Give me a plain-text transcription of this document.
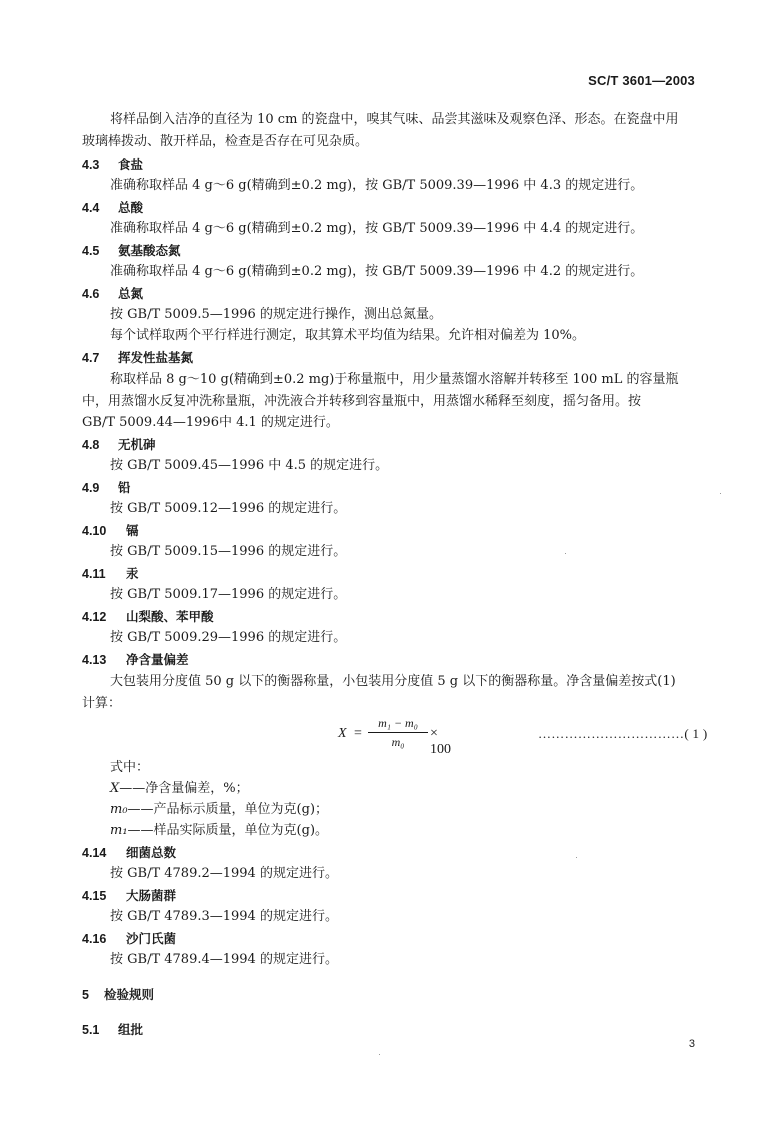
SC/T 3601—2003
将样品倒入洁净的直径为 10 cm 的瓷盘中，嗅其气味、品尝其滋味及观察色泽、形态。在瓷盘中用
玻璃棒拨动、散开样品，检查是否存在可见杂质。
4.3 食盐
准确称取样品 4 g～6 g(精确到±0.2 mg)，按 GB/T 5009.39—1996 中 4.3 的规定进行。
4.4 总酸
准确称取样品 4 g～6 g(精确到±0.2 mg)，按 GB/T 5009.39—1996 中 4.4 的规定进行。
4.5 氨基酸态氮
准确称取样品 4 g～6 g(精确到±0.2 mg)，按 GB/T 5009.39—1996 中 4.2 的规定进行。
4.6 总氮
按 GB/T 5009.5—1996 的规定进行操作，测出总氮量。
每个试样取两个平行样进行测定，取其算术平均值为结果。允许相对偏差为 10%。
4.7 挥发性盐基氮
称取样品 8 g～10 g(精确到±0.2 mg)于称量瓶中，用少量蒸馏水溶解并转移至 100 mL 的容量瓶
中，用蒸馏水反复冲洗称量瓶，冲洗液合并转移到容量瓶中，用蒸馏水稀释至刻度，摇匀备用。按
GB/T 5009.44—1996中 4.1 的规定进行。
4.8 无机砷
按 GB/T 5009.45—1996 中 4.5 的规定进行。
4.9 铅
按 GB/T 5009.12—1996 的规定进行。
4.10 镉
按 GB/T 5009.15—1996 的规定进行。
4.11 汞
按 GB/T 5009.17—1996 的规定进行。
4.12 山梨酸、苯甲酸
按 GB/T 5009.29—1996 的规定进行。
4.13 净含量偏差
大包装用分度值 50 g 以下的衡器称量，小包装用分度值 5 g 以下的衡器称量。净含量偏差按式(1)
计算：
X =
m₁ − m₀
m₀
× 100
……………………………( 1 )
式中：
X——净含量偏差，%；
m₀——产品标示质量，单位为克(g)；
m₁——样品实际质量，单位为克(g)。
4.14 细菌总数
按 GB/T 4789.2—1994 的规定进行。
4.15 大肠菌群
按 GB/T 4789.3—1994 的规定进行。
4.16 沙门氏菌
按 GB/T 4789.4—1994 的规定进行。
5 检验规则
5.1 组批
3
